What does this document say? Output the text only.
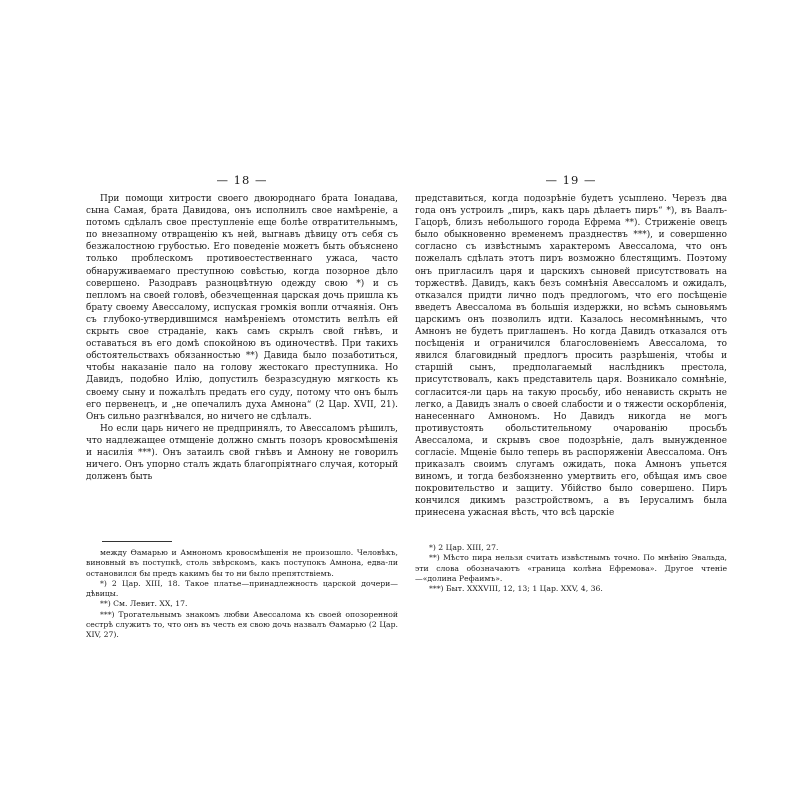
— 18 —

При помощи хитрости своего двоюроднаго брата Іонадава, сына Самая, брата Давидова, онъ исполнилъ свое намѣреніе, а потомъ сдѣлалъ свое преступленіе еще болѣе отвратительнымъ, по внезапному отвращенію къ ней, выгнавъ дѣвицу отъ себя съ безжалостною грубостью. Его поведеніе можетъ быть объяснено только проблескомъ противоестественнаго ужаса, часто обнаруживаемаго преступною совѣстью, когда позорное дѣло совершено. Разодравъ разноцвѣтную одежду свою *) и съ пепломъ на своей головѣ, обезчещенная царская дочь пришла къ брату своему Авессалому, испуская громкія вопли отчаянія. Онъ съ глубоко-утвердившимся намѣреніемъ отомстить велѣлъ ей скрыть свое страданіе, какъ самъ скрылъ свой гнѣвъ, и оставаться въ его домѣ спокойною въ одиночествѣ. При такихъ обстоятельствахъ обязанностью **) Давида было позаботиться, чтобы наказаніе пало на голову жестокаго преступника. Но Давидъ, подобно Илію, допустилъ безразсудную мягкость къ своему сыну и пожалѣлъ предать его суду, потому что онъ былъ его первенецъ, и „не опечалилъ духа Амнона“ (2 Цар. XVII, 21). Онъ сильно разгнѣвался, но ничего не сдѣлалъ.

Но если царь ничего не предпринялъ, то Авессаломъ рѣшилъ, что надлежащее отмщеніе должно смыть позоръ кровосмѣшенія и насилія ***). Онъ затаилъ свой гнѣвъ и Амнону не говорилъ ничего. Онъ упорно сталъ ждать благопріятнаго случая, который долженъ быть

между Өамарью и Амнономъ кровосмѣшенія не произошло. Человѣкъ, виновный въ поступкѣ, столь звѣрскомъ, какъ поступокъ Амнона, едва-ли остановился бы предъ какимъ бы то ни было препятствіемъ.

*) 2 Цар. XIII, 18. Такое платье—принадлежность царской дочери—дѣвицы.

**) См. Левит. XX, 17.

***) Трогательнымъ знакомъ любви Авессалома къ своей опозоренной сестрѣ служитъ то, что онъ въ честь ея свою дочь назвалъ Өамарью (2 Цар. XIV, 27).

— 19 —

представиться, когда подозрѣніе будетъ усыплено. Черезъ два года онъ устроилъ „пиръ, какъ царь дѣлаетъ пиръ“ *), въ Ваалъ-Гацорѣ, близъ небольшого города Ефрема **). Стриженіе овецъ было обыкновенно временемъ празднествъ ***), и совершенно согласно съ извѣстнымъ характеромъ Авессалома, что онъ пожелалъ сдѣлать этотъ пиръ возможно блестящимъ. Поэтому онъ пригласилъ царя и царскихъ сыновей присутствовать на торжествѣ. Давидъ, какъ безъ сомнѣнія Авессаломъ и ожидалъ, отказался придти лично подъ предлогомъ, что его посѣщеніе введетъ Авессалома въ большія издержки, но всѣмъ сыновьямъ царскимъ онъ позволилъ идти. Казалось несомнѣннымъ, что Амнонъ не будетъ приглашенъ. Но когда Давидъ отказался отъ посѣщенія и ограничился благословеніемъ Авессалома, то явился благовидный предлогъ просить разрѣшенія, чтобы и старшій сынъ, предполагаемый наслѣдникъ престола, присутствовалъ, какъ представитель царя. Возникало сомнѣніе, согласится-ли царь на такую просьбу, ибо ненависть скрыть не легко, а Давидъ зналъ о своей слабости и о тяжести оскорбленія, нанесеннаго Амнономъ. Но Давидъ никогда не могъ противустоять обольстительному очарованію просьбъ Авессалома, и скрывъ свое подозрѣніе, далъ вынужденное согласіе. Мщеніе было теперь въ распоряженіи Авессалома. Онъ приказалъ своимъ слугамъ ожидать, пока Амнонъ упьется виномъ, и тогда безбоязненно умертвить его, обѣщая имъ свое покровительство и защиту. Убійство было совершено. Пиръ кончился дикимъ разстройствомъ, а въ Іерусалимъ была принесена ужасная вѣсть, что всѣ царскіе

*) 2 Цар. XIII, 27.

**) Мѣсто пира нельзя считать извѣстнымъ точно. По мнѣнію Эвальда, эти слова обозначаютъ «граница колѣна Ефремова». Другое чтеніе—«долина Рефаимъ».

***) Быт. XXXVIII, 12, 13; 1 Цар. XXV, 4, 36.
